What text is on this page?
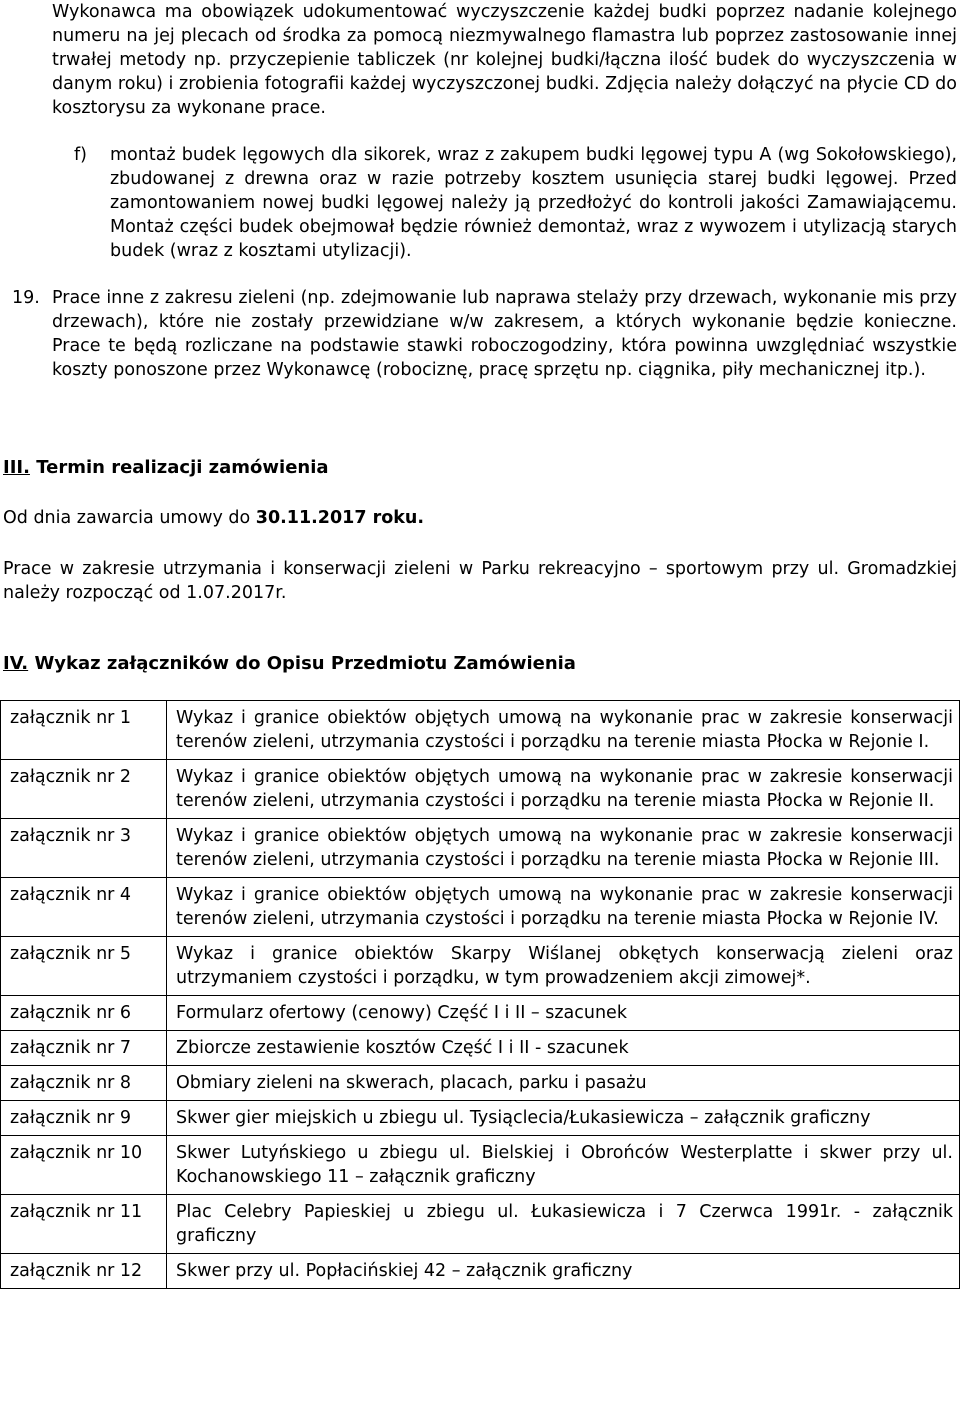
Wykonawca ma obowiązek udokumentować wyczyszczenie każdej budki poprzez nadanie kolejnego numeru na jej plecach od środka za pomocą niezmywalnego flamastra lub poprzez zastosowanie innej trwałej metody np. przyczepienie tabliczek (nr kolejnej budki/łączna ilość budek do wyczyszczenia w danym roku) i zrobienia fotografii każdej wyczyszczonej budki. Zdjęcia należy dołączyć na płycie CD do kosztorysu za wykonane prace.

f) montaż budek lęgowych dla sikorek, wraz z zakupem budki lęgowej typu A (wg Sokołowskiego), zbudowanej z drewna oraz w razie potrzeby kosztem usunięcia starej budki lęgowej. Przed zamontowaniem nowej budki lęgowej należy ją przedłożyć do kontroli jakości Zamawiającemu. Montaż części budek obejmował będzie również demontaż, wraz z wywozem i utylizacją starych budek (wraz z kosztami utylizacji).
19. Prace inne z zakresu zieleni (np. zdejmowanie lub naprawa stelaży przy drzewach, wykonanie mis przy drzewach), które nie zostały przewidziane w/w zakresem, a których wykonanie będzie konieczne. Prace te będą rozliczane na podstawie stawki roboczogodziny, która powinna uwzględniać wszystkie koszty ponoszone przez Wykonawcę (robociznę, pracę sprzętu np. ciągnika, piły mechanicznej itp.).
III. Termin realizacji zamówienia
Od dnia zawarcia umowy do 30.11.2017 roku.

Prace w zakresie utrzymania i konserwacji zieleni w Parku rekreacyjno – sportowym przy ul. Gromadzkiej należy rozpocząć od 1.07.2017r.

IV. Wykaz załączników do Opisu Przedmiotu Zamówienia
załącznik nr 1	Wykaz i granice obiektów objętych umową na wykonanie prac w zakresie konserwacji terenów zieleni, utrzymania czystości i porządku na terenie miasta Płocka w Rejonie I.
załącznik nr 2	Wykaz i granice obiektów objętych umową na wykonanie prac w zakresie konserwacji terenów zieleni, utrzymania czystości i porządku na terenie miasta Płocka w Rejonie II.
załącznik nr 3	Wykaz i granice obiektów objętych umową na wykonanie prac w zakresie konserwacji terenów zieleni, utrzymania czystości i porządku na terenie miasta Płocka w Rejonie III.
załącznik nr 4	Wykaz i granice obiektów objętych umową na wykonanie prac w zakresie konserwacji terenów zieleni, utrzymania czystości i porządku na terenie miasta Płocka w Rejonie IV.
załącznik nr 5	Wykaz i granice obiektów Skarpy Wiślanej obkętych konserwacją zieleni oraz utrzymaniem czystości i porządku, w tym prowadzeniem akcji zimowej*.
załącznik nr 6	Formularz ofertowy (cenowy) Część I i II – szacunek
załącznik nr 7	Zbiorcze zestawienie kosztów Część I i II - szacunek
załącznik nr 8	Obmiary zieleni na skwerach, placach, parku i pasażu
załącznik nr 9	Skwer gier miejskich u zbiegu ul. Tysiąclecia/Łukasiewicza – załącznik graficzny
załącznik nr 10	Skwer Lutyńskiego u zbiegu ul. Bielskiej i Obrońców Westerplatte i skwer przy ul. Kochanowskiego 11 – załącznik graficzny
załącznik nr 11	Plac Celebry Papieskiej u zbiegu ul. Łukasiewicza i 7 Czerwca 1991r. - załącznik graficzny
załącznik nr 12	Skwer przy ul. Popłacińskiej 42 – załącznik graficzny
